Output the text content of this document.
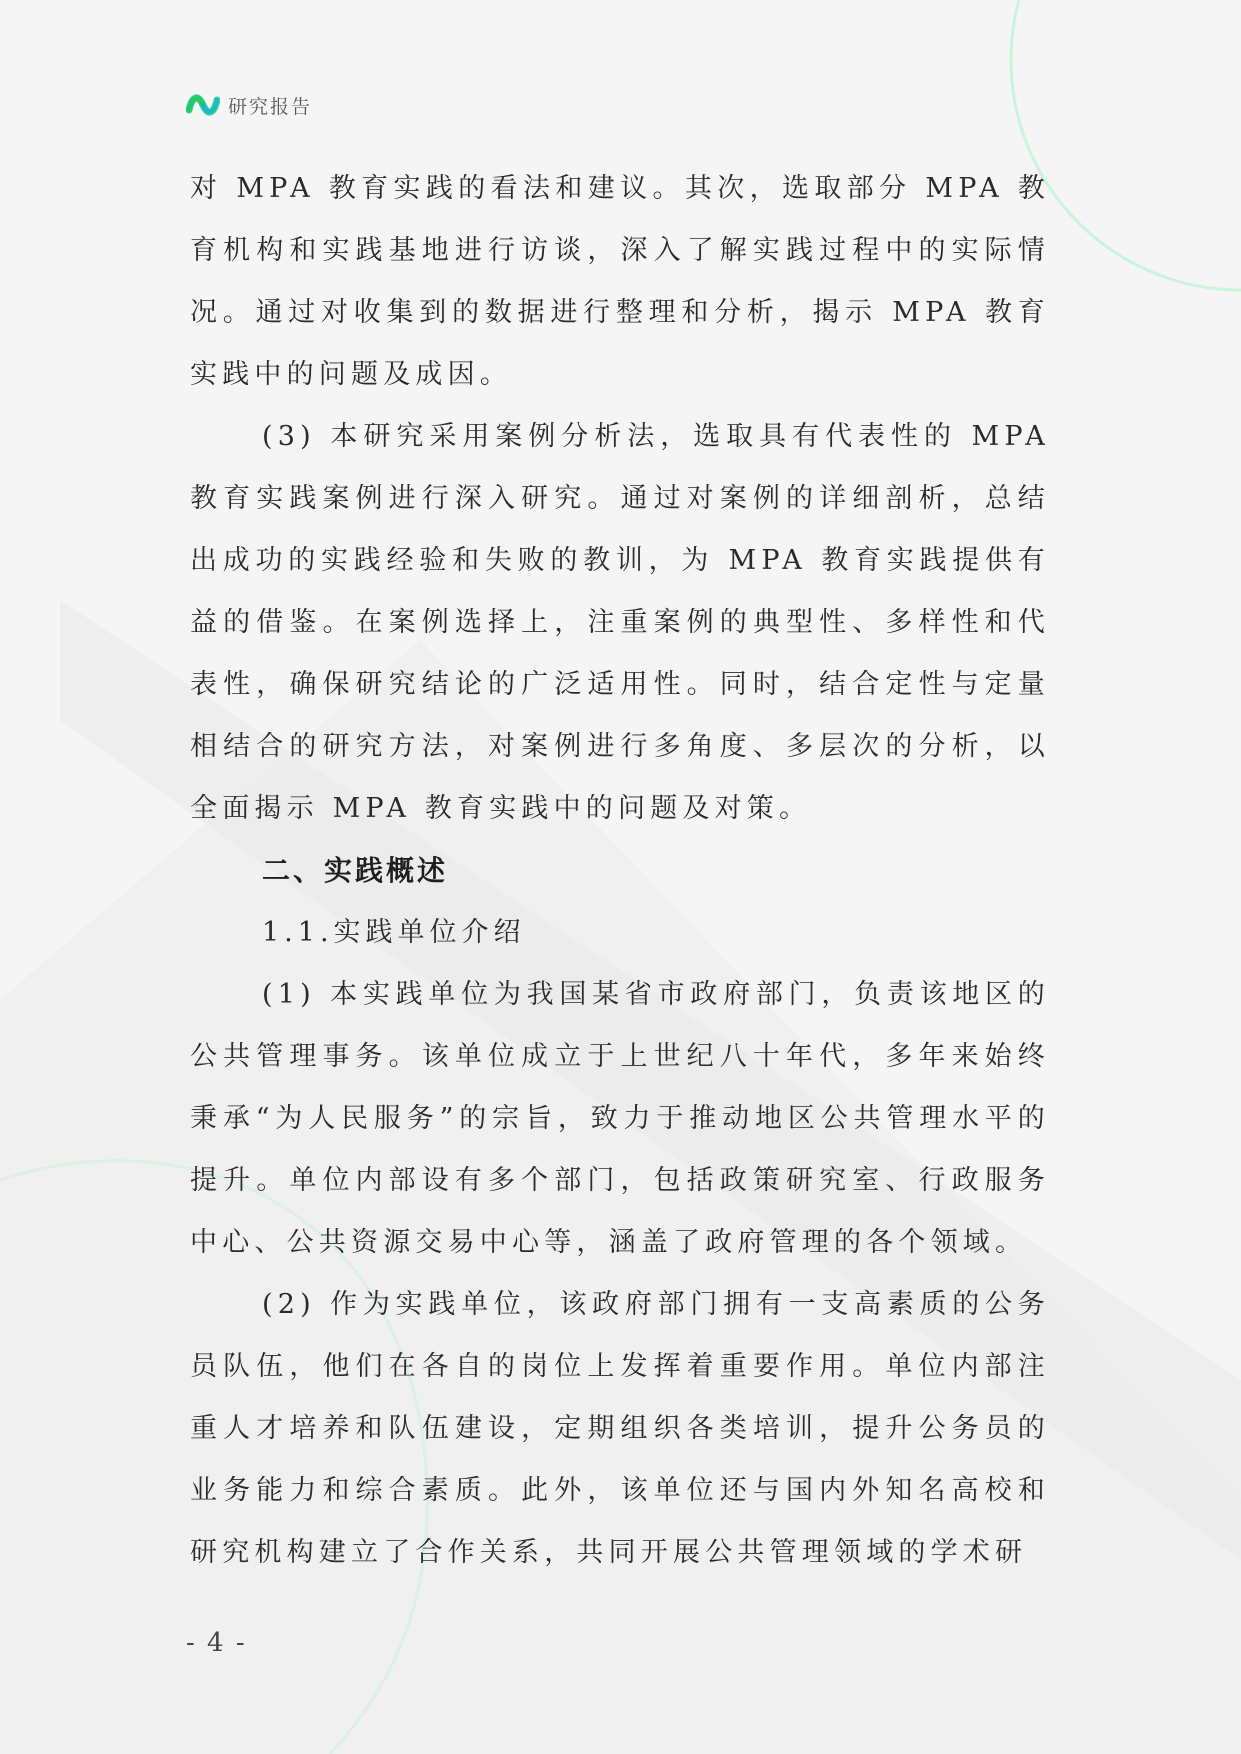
研究报告

对 MPA 教育实践的看法和建议。其次，选取部分 MPA 教育机构和实践基地进行访谈，深入了解实践过程中的实际情况。通过对收集到的数据进行整理和分析，揭示 MPA 教育实践中的问题及成因。

(3) 本研究采用案例分析法，选取具有代表性的 MPA 教育实践案例进行深入研究。通过对案例的详细剖析，总结出成功的实践经验和失败的教训，为 MPA 教育实践提供有益的借鉴。在案例选择上，注重案例的典型性、多样性和代表性，确保研究结论的广泛适用性。同时，结合定性与定量相结合的研究方法，对案例进行多角度、多层次的分析，以全面揭示 MPA 教育实践中的问题及对策。

二、实践概述

1.1.实践单位介绍

(1) 本实践单位为我国某省市政府部门，负责该地区的公共管理事务。该单位成立于上世纪八十年代，多年来始终秉承“为人民服务”的宗旨，致力于推动地区公共管理水平的提升。单位内部设有多个部门，包括政策研究室、行政服务中心、公共资源交易中心等，涵盖了政府管理的各个领域。

(2) 作为实践单位，该政府部门拥有一支高素质的公务员队伍，他们在各自的岗位上发挥着重要作用。单位内部注重人才培养和队伍建设，定期组织各类培训，提升公务员的业务能力和综合素质。此外，该单位还与国内外知名高校和研究机构建立了合作关系，共同开展公共管理领域的学术研

- 4 -
